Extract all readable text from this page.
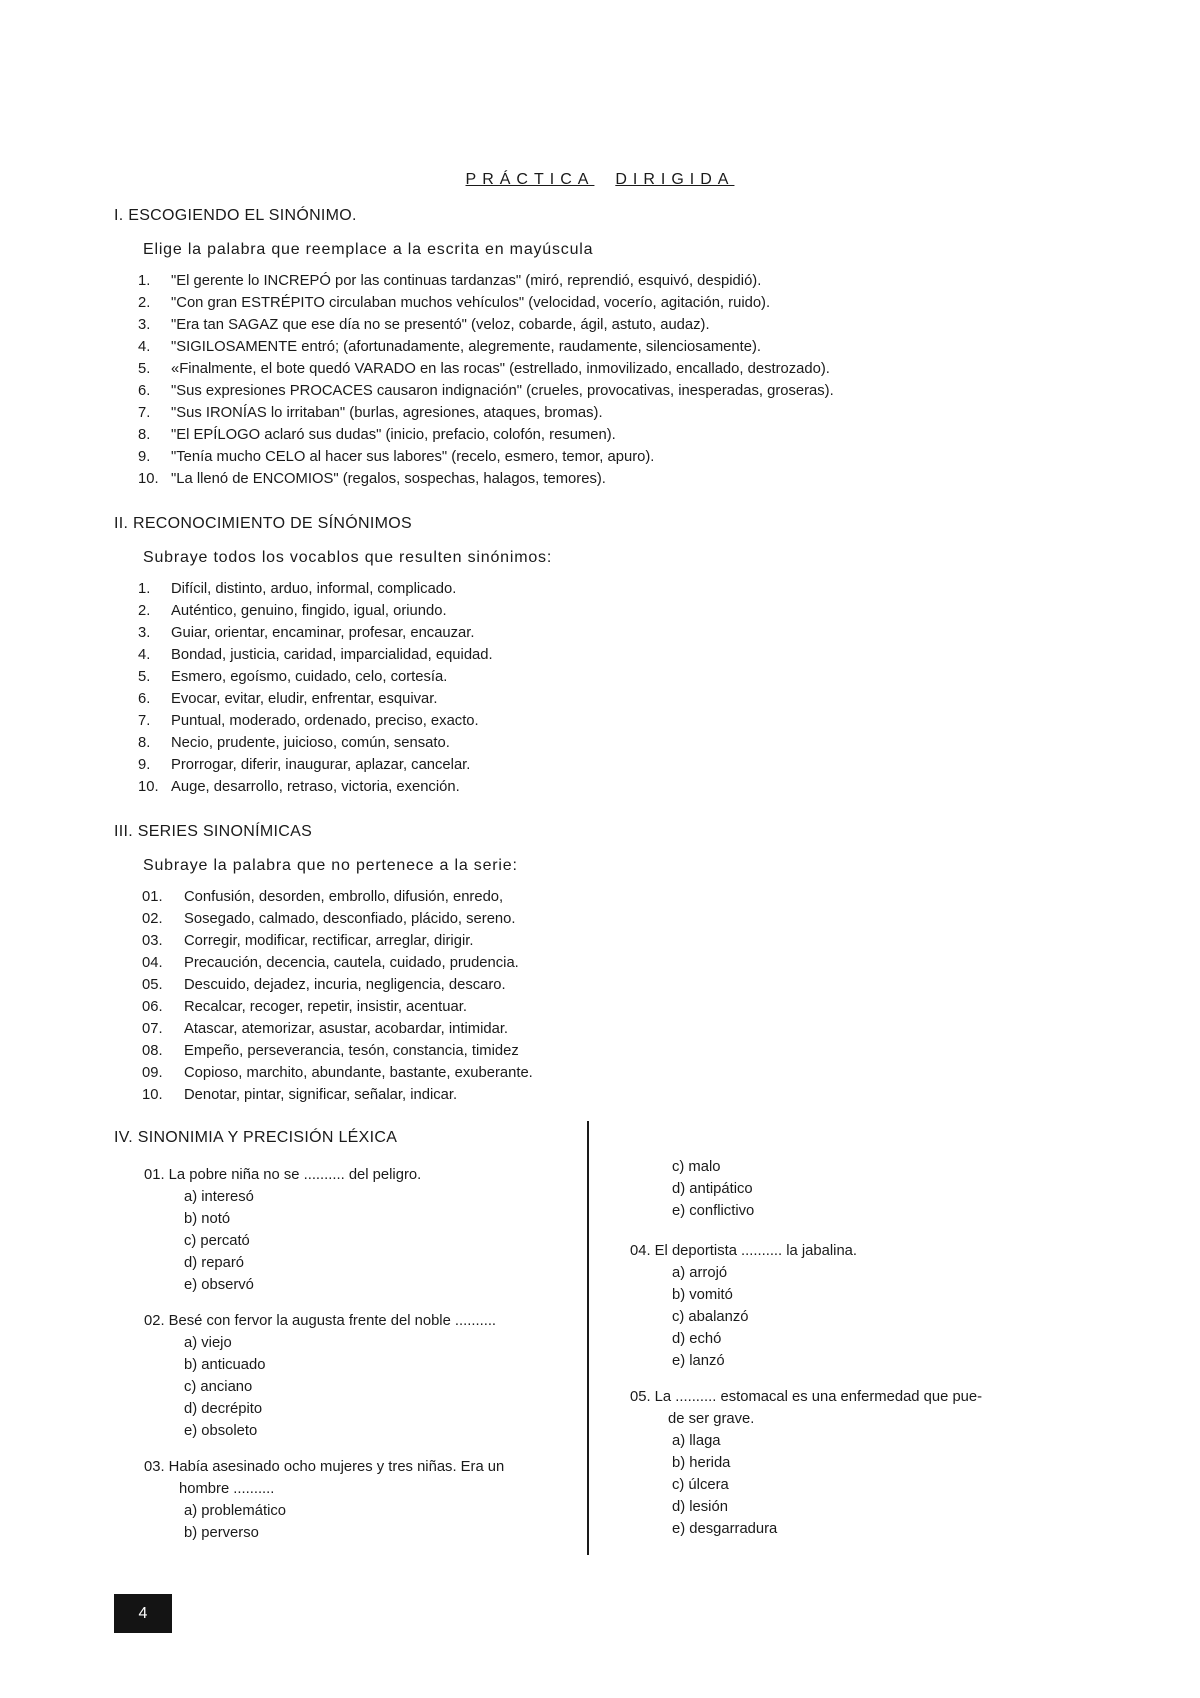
PRÁCTICA DIRIGIDA
I. ESCOGIENDO EL SINÓNIMO.
Elige la palabra que reemplace a la escrita en mayúscula
1. "El gerente lo INCREPÓ por las continuas tardanzas" (miró, reprendió, esquivó, despidió).
2. "Con gran ESTRÉPITO circulaban muchos vehículos" (velocidad, vocerío, agitación, ruido).
3. "Era tan SAGAZ que ese día no se presentó" (veloz, cobarde, ágil, astuto, audaz).
4. "SIGILOSAMENTE entró; (afortunadamente, alegremente, raudamente, silenciosamente).
5. «Finalmente, el bote quedó VARADO en las rocas" (estrellado, inmovilizado, encallado, destrozado).
6. "Sus expresiones PROCACES causaron indignación" (crueles, provocativas, inesperadas, groseras).
7. "Sus IRONÍAS lo irritaban" (burlas, agresiones, ataques, bromas).
8. "El EPÍLOGO aclaró sus dudas" (inicio, prefacio, colofón, resumen).
9. "Tenía mucho CELO al hacer sus labores" (recelo, esmero, temor, apuro).
10. "La llenó de ENCOMIOS" (regalos, sospechas, halagos, temores).
II. RECONOCIMIENTO DE SÍNÓNIMOS
Subraye todos los vocablos que resulten sinónimos:
1. Difícil, distinto, arduo, informal, complicado.
2. Auténtico, genuino, fingido, igual, oriundo.
3. Guiar, orientar, encaminar, profesar, encauzar.
4. Bondad, justicia, caridad, imparcialidad, equidad.
5. Esmero, egoísmo, cuidado, celo, cortesía.
6. Evocar, evitar, eludir, enfrentar, esquivar.
7. Puntual, moderado, ordenado, preciso, exacto.
8. Necio, prudente, juicioso, común, sensato.
9. Prorrogar, diferir, inaugurar, aplazar, cancelar.
10. Auge, desarrollo, retraso, victoria, exención.
III. SERIES SINONÍMICAS
Subraye la palabra que no pertenece a la serie:
01. Confusión, desorden, embrollo, difusión, enredo,
02. Sosegado, calmado, desconfiado, plácido, sereno.
03. Corregir, modificar, rectificar, arreglar, dirigir.
04. Precaución, decencia, cautela, cuidado, prudencia.
05. Descuido, dejadez, incuria, negligencia, descaro.
06. Recalcar, recoger, repetir, insistir, acentuar.
07. Atascar, atemorizar, asustar, acobardar, intimidar.
08. Empeño, perseverancia, tesón, constancia, timidez
09. Copioso, marchito, abundante, bastante, exuberante.
10. Denotar, pintar, significar, señalar, indicar.
IV. SINONIMIA Y PRECISIÓN LÉXICA
01. La pobre niña no se .......... del peligro.
a) interesó
b) notó
c) percató
d) reparó
e) observó
02. Besé con fervor la augusta frente del noble ..........
a) viejo
b) anticuado
c) anciano
d) decrépito
e) obsoleto
03. Había asesinado ocho mujeres y tres niñas. Era un
hombre ..........
a) problemático
b) perverso
c) malo
d) antipático
e) conflictivo
04. El deportista .......... la jabalina.
a) arrojó
b) vomitó
c) abalanzó
d) echó
e) lanzó
05. La .......... estomacal es una enfermedad que pue-
de ser grave.
a) llaga
b) herida
c) úlcera
d) lesión
e) desgarradura
4
